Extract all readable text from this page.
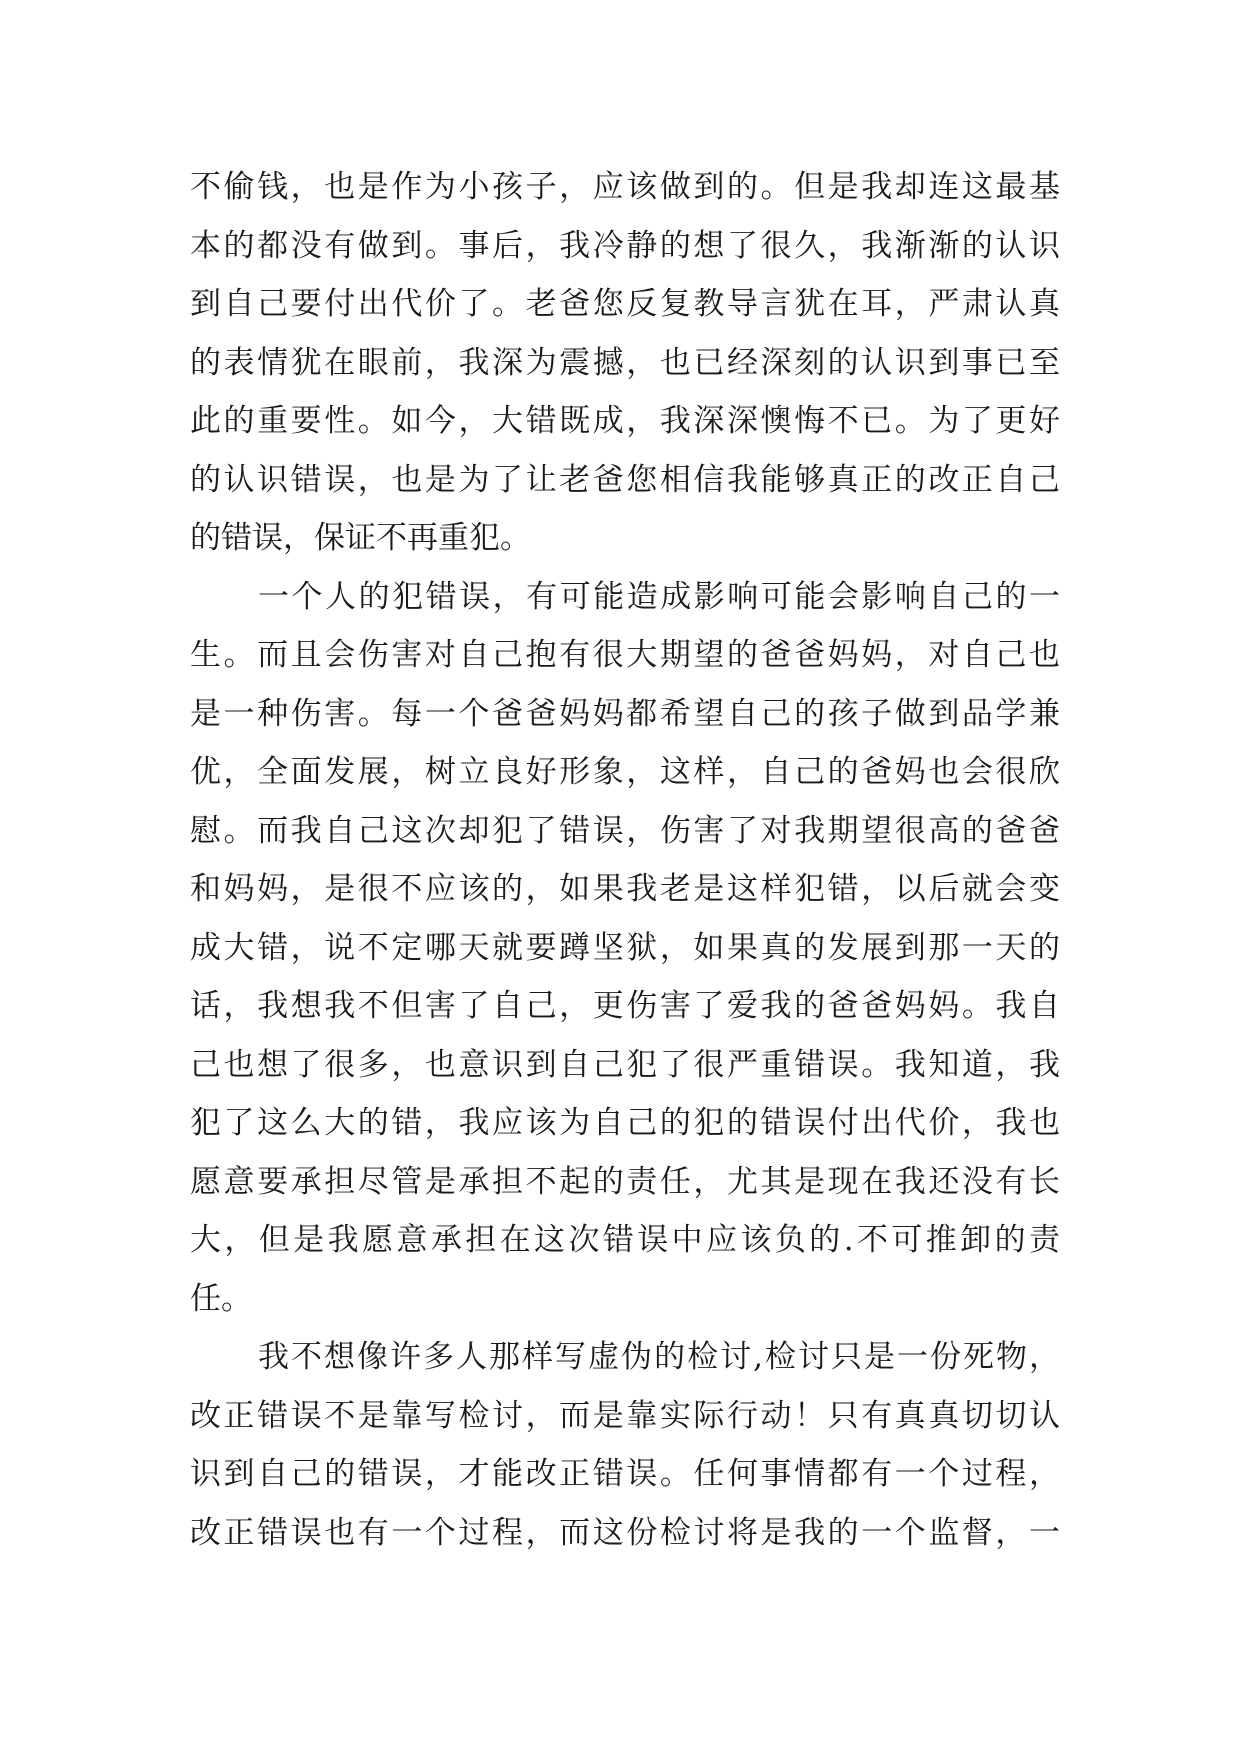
不偷钱，也是作为小孩子，应该做到的。但是我却连这最基
本的都没有做到。事后，我冷静的想了很久，我渐渐的认识
到自己要付出代价了。老爸您反复教导言犹在耳，严肃认真
的表情犹在眼前，我深为震撼，也已经深刻的认识到事已至
此的重要性。如今，大错既成，我深深懊悔不已。为了更好
的认识错误，也是为了让老爸您相信我能够真正的改正自己
的错误，保证不再重犯。
一个人的犯错误，有可能造成影响可能会影响自己的一
生。而且会伤害对自己抱有很大期望的爸爸妈妈，对自己也
是一种伤害。每一个爸爸妈妈都希望自己的孩子做到品学兼
优，全面发展，树立良好形象，这样，自己的爸妈也会很欣
慰。而我自己这次却犯了错误，伤害了对我期望很高的爸爸
和妈妈，是很不应该的，如果我老是这样犯错，以后就会变
成大错，说不定哪天就要蹲坚狱，如果真的发展到那一天的
话，我想我不但害了自己，更伤害了爱我的爸爸妈妈。我自
己也想了很多，也意识到自己犯了很严重错误。我知道，我
犯了这么大的错，我应该为自己的犯的错误付出代价，我也
愿意要承担尽管是承担不起的责任，尤其是现在我还没有长
大，但是我愿意承担在这次错误中应该负的.不可推卸的责
任。
我不想像许多人那样写虚伪的检讨,检讨只是一份死物，
改正错误不是靠写检讨，而是靠实际行动！只有真真切切认
识到自己的错误，才能改正错误。任何事情都有一个过程，
改正错误也有一个过程，而这份检讨将是我的一个监督，一
